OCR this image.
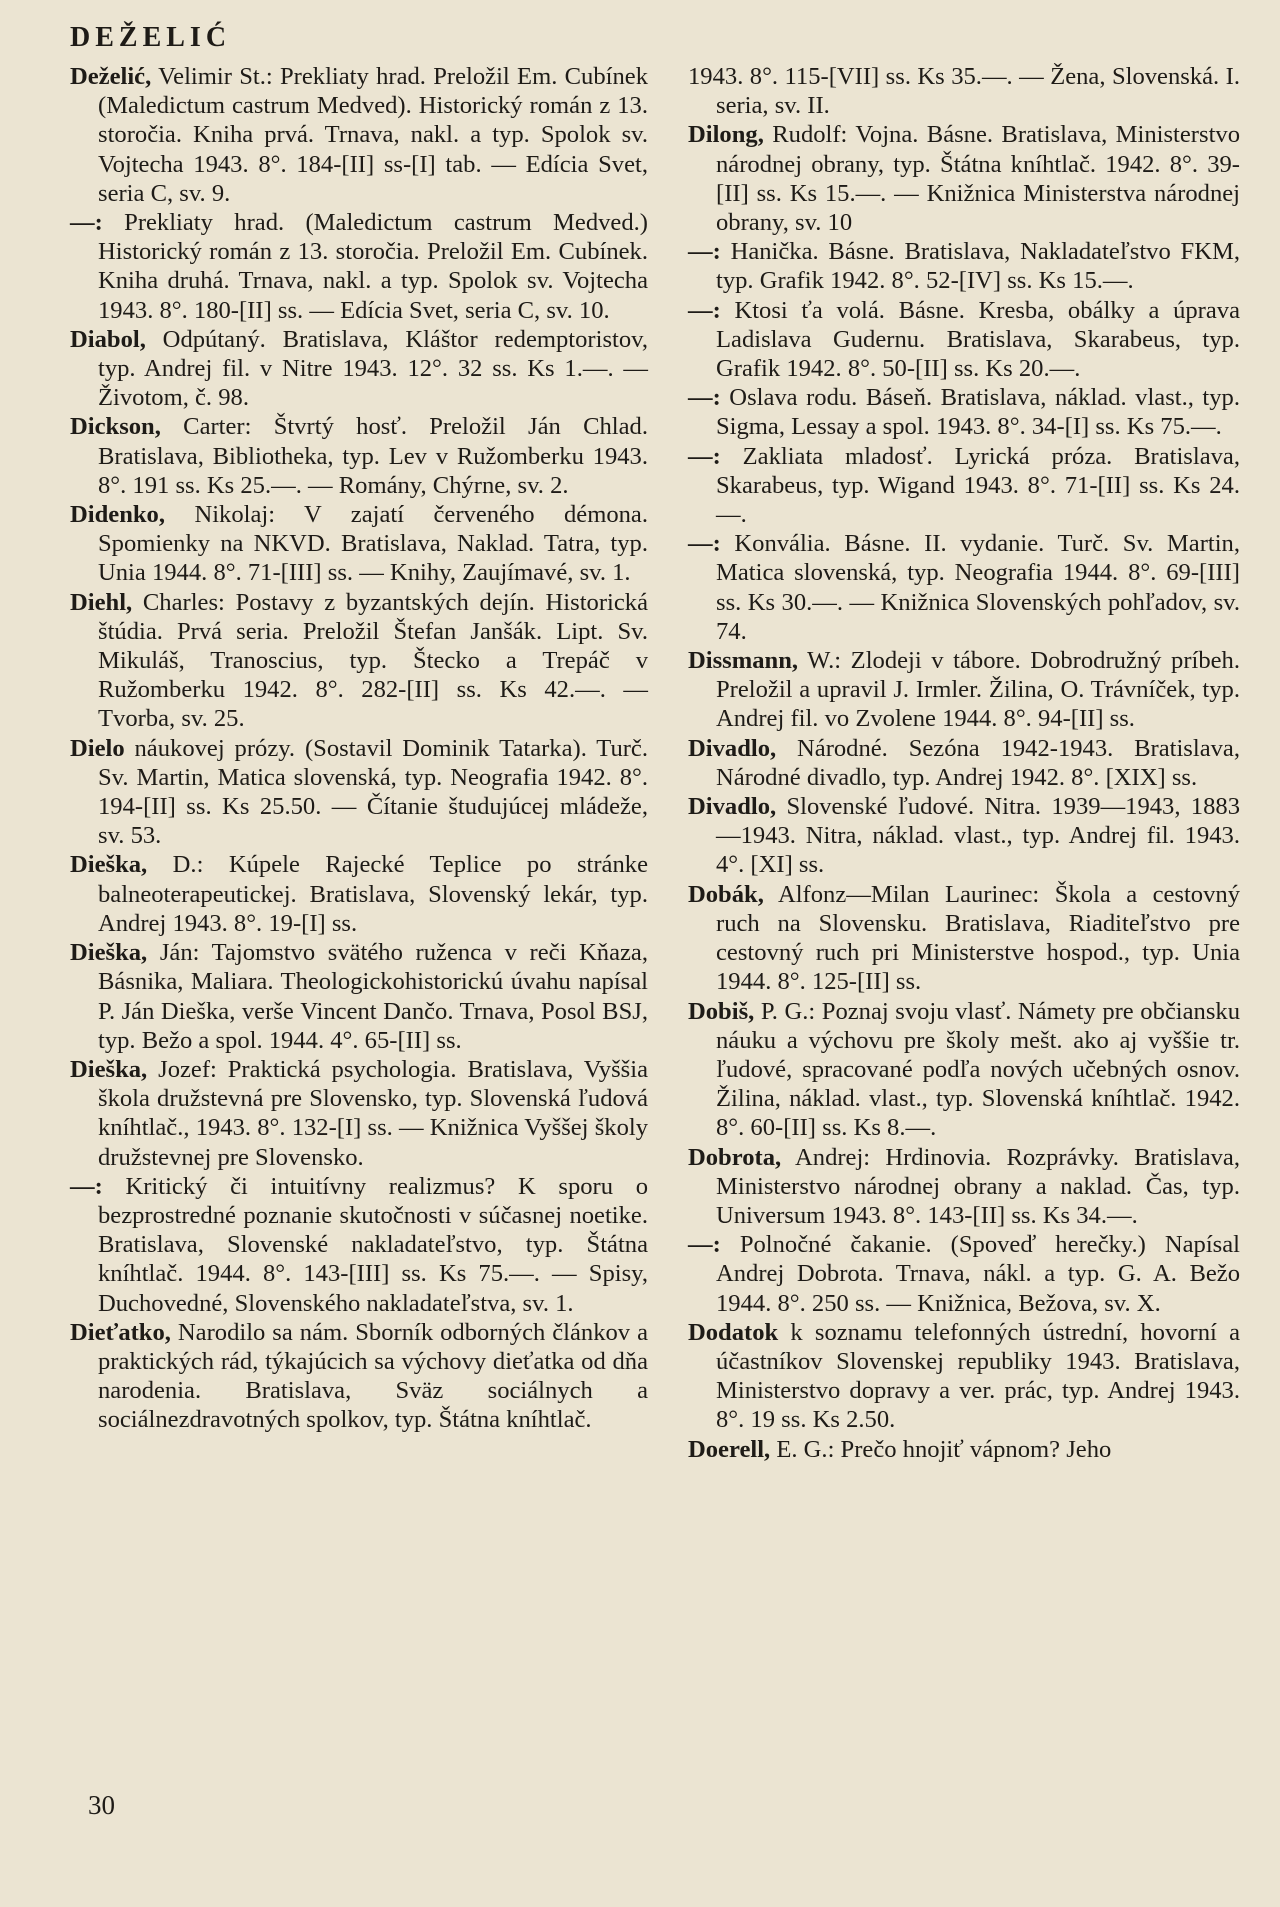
DEŽELIĆ

Deželić, Velimir St.: Prekliaty hrad. Preložil Em. Cubínek (Maledictum castrum Medved). Historický román z 13. storočia. Kniha prvá. Trnava, nakl. a typ. Spolok sv. Vojtecha 1943. 8°. 184-[II] ss-[I] tab. — Edícia Svet, seria C, sv. 9.

—: Prekliaty hrad. (Maledictum castrum Medved.) Historický román z 13. storočia. Preložil Em. Cubínek. Kniha druhá. Trnava, nakl. a typ. Spolok sv. Vojtecha 1943. 8°. 180-[II] ss. — Edícia Svet, seria C, sv. 10.

Diabol, Odpútaný. Bratislava, Kláštor redemptoristov, typ. Andrej fil. v Nitre 1943. 12°. 32 ss. Ks 1.—. — Životom, č. 98.

Dickson, Carter: Štvrtý hosť. Preložil Ján Chlad. Bratislava, Bibliotheka, typ. Lev v Ružomberku 1943. 8°. 191 ss. Ks 25.—. — Romány, Chýrne, sv. 2.

Didenko, Nikolaj: V zajatí červeného démona. Spomienky na NKVD. Bratislava, Naklad. Tatra, typ. Unia 1944. 8°. 71-[III] ss. — Knihy, Zaujímavé, sv. 1.

Diehl, Charles: Postavy z byzantských dejín. Historická štúdia. Prvá seria. Preložil Štefan Janšák. Lipt. Sv. Mikuláš, Tranoscius, typ. Štecko a Trepáč v Ružomberku 1942. 8°. 282-[II] ss. Ks 42.—. — Tvorba, sv. 25.

Dielo náukovej prózy. (Sostavil Dominik Tatarka). Turč. Sv. Martin, Matica slovenská, typ. Neografia 1942. 8°. 194-[II] ss. Ks 25.50. — Čítanie študujúcej mládeže, sv. 53.

Dieška, D.: Kúpele Rajecké Teplice po stránke balneoterapeutickej. Bratislava, Slovenský lekár, typ. Andrej 1943. 8°. 19-[I] ss.

Dieška, Ján: Tajomstvo svätého ruženca v reči Kňaza, Básnika, Maliara. Theologickohistorickú úvahu napísal P. Ján Dieška, veršе Vincent Dančo. Trnava, Posol BSJ, typ. Bežo a spol. 1944. 4°. 65-[II] ss.

Dieška, Jozef: Praktická psychologia. Bratislava, Vyššia škola družstevná pre Slovensko, typ. Slovenská ľudová kníhtlač., 1943. 8°. 132-[I] ss. — Knižnica Vyššej školy družstevnej pre Slovensko.

—: Kritický či intuitívny realizmus? K sporu o bezprostredné poznanie skutočnosti v súčasnej noetike. Bratislava, Slovenské nakladateľstvo, typ. Štátna kníhtlač. 1944. 8°. 143-[III] ss. Ks 75.—. — Spisy, Duchovedné, Slovenského nakladateľstva, sv. 1.

Dieťatko, Narodilo sa nám. Sborník odborných článkov a praktických rád, týkajúcich sa výchovy dieťatka od dňa narodenia. Bratislava, Sväz sociálnych a sociálnezdravotných spolkov, typ. Štátna kníhtlač.

1943. 8°. 115-[VII] ss. Ks 35.—. — Žena, Slovenská. I. seria, sv. II.

Dilong, Rudolf: Vojna. Básne. Bratislava, Ministerstvo národnej obrany, typ. Štátna kníhtlač. 1942. 8°. 39-[II] ss. Ks 15.—. — Knižnica Ministerstva národnej obrany, sv. 10

—: Hanička. Básne. Bratislava, Nakladateľstvo FKM, typ. Grafik 1942. 8°. 52-[IV] ss. Ks 15.—.

—: Ktosi ťa volá. Básne. Kresba, obálky a úprava Ladislava Gudernu. Bratislava, Skarabeus, typ. Grafik 1942. 8°. 50-[II] ss. Ks 20.—.

—: Oslava rodu. Báseň. Bratislava, náklad. vlast., typ. Sigma, Lessay a spol. 1943. 8°. 34-[I] ss. Ks 75.—.

—: Zakliata mladosť. Lyrická próza. Bratislava, Skarabeus, typ. Wigand 1943. 8°. 71-[II] ss. Ks 24.—.

—: Konvália. Básne. II. vydanie. Turč. Sv. Martin, Matica slovenská, typ. Neografia 1944. 8°. 69-[III] ss. Ks 30.—. — Knižnica Slovenských pohľadov, sv. 74.

Dissmann, W.: Zlodeji v tábore. Dobrodružný príbeh. Preložil a upravil J. Irmler. Žilina, O. Trávníček, typ. Andrej fil. vo Zvolene 1944. 8°. 94-[II] ss.

Divadlo, Národné. Sezóna 1942-1943. Bratislava, Národné divadlo, typ. Andrej 1942. 8°. [XIX] ss.

Divadlo, Slovenské ľudové. Nitra. 1939—1943, 1883—1943. Nitra, náklad. vlast., typ. Andrej fil. 1943. 4°. [XI] ss.

Dobák, Alfonz—Milan Laurinec: Škola a cestovný ruch na Slovensku. Bratislava, Riaditeľstvo pre cestovný ruch pri Ministerstve hospod., typ. Unia 1944. 8°. 125-[II] ss.

Dobiš, P. G.: Poznaj svoju vlasť. Námety pre občiansku náuku a výchovu pre školy mešt. ako aj vyššie tr. ľudové, spracované podľa nových učebných osnov. Žilina, náklad. vlast., typ. Slovenská kníhtlač. 1942. 8°. 60-[II] ss. Ks 8.—.

Dobrota, Andrej: Hrdinovia. Rozprávky. Bratislava, Ministerstvo národnej obrany a naklad. Čas, typ. Universum 1943. 8°. 143-[II] ss. Ks 34.—.

—: Polnočné čakanie. (Spoveď herečky.) Napísal Andrej Dobrota. Trnava, nákl. a typ. G. A. Bežo 1944. 8°. 250 ss. — Knižnica, Bežova, sv. X.

Dodatok k soznamu telefonných ústrední, hovorní a účastníkov Slovenskej republiky 1943. Bratislava, Ministerstvo dopravy a ver. prác, typ. Andrej 1943. 8°. 19 ss. Ks 2.50.

Doerell, E. G.: Prečo hnojiť vápnom? Jeho

30
